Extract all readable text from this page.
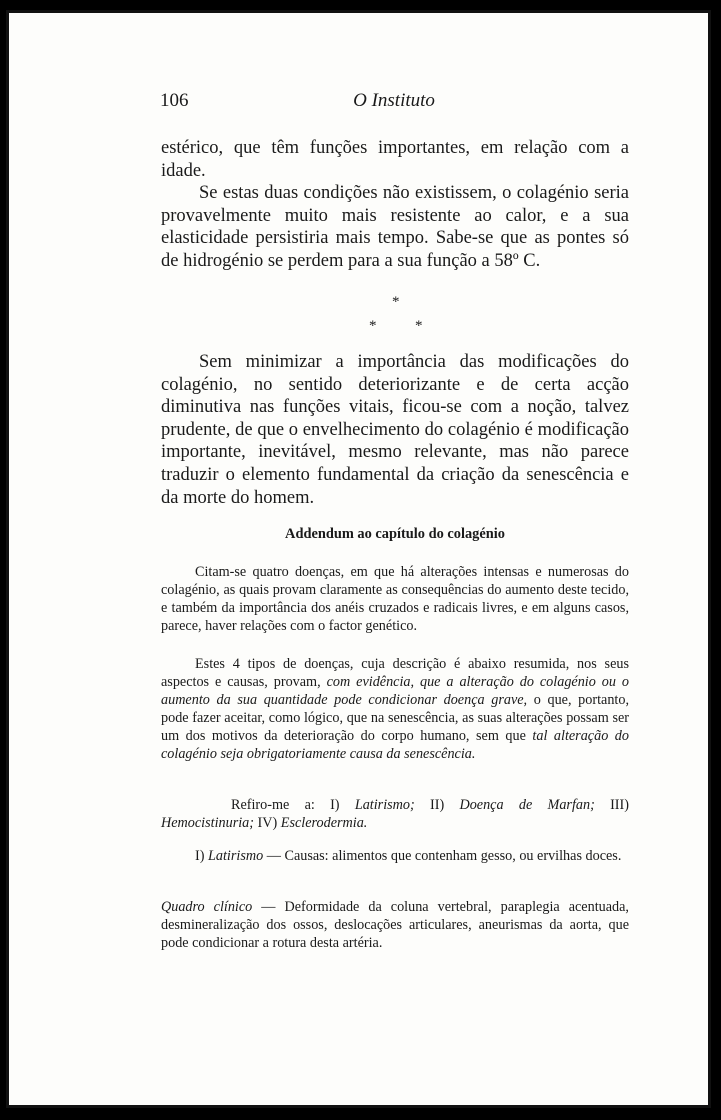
106	O Instituto

estérico, que têm funções importantes, em relação com a idade.

Se estas duas condições não existissem, o colagénio seria provavelmente muito mais resistente ao calor, e a sua elasticidade persistiria mais tempo. Sabe-se que as pontes só de hidrogénio se perdem para a sua função a 58º C.

*
*	*

Sem minimizar a importância das modificações do colagénio, no sentido deteriorizante e de certa acção diminutiva nas funções vitais, ficou-se com a noção, talvez prudente, de que o envelhecimento do colagénio é modificação importante, inevitável, mesmo relevante, mas não parece traduzir o elemento fundamental da criação da senescência e da morte do homem.

Addendum ao capítulo do colagénio

Citam-se quatro doenças, em que há alterações intensas e numerosas do colagénio, as quais provam claramente as consequências do aumento deste tecido, e também da importância dos anéis cruzados e radicais livres, e em alguns casos, parece, haver relações com o factor genético.

Estes 4 tipos de doenças, cuja descrição é abaixo resumida, nos seus aspectos e causas, provam, com evidência, que a alteração do colagénio ou o aumento da sua quantidade pode condicionar doença grave, o que, portanto, pode fazer aceitar, como lógico, que na senescência, as suas alterações possam ser um dos motivos da deterioração do corpo humano, sem que tal alteração do colagénio seja obrigatoriamente causa da senescência.

Refiro-me a: I) Latirismo; II) Doença de Marfan; III) Hemocistinuria; IV) Esclerodermia.

I) Latirismo — Causas: alimentos que contenham gesso, ou ervilhas doces.

Quadro clínico — Deformidade da coluna vertebral, paraplegia acentuada, desmineralização dos ossos, deslocações articulares, aneurismas da aorta, que pode condicionar a rotura desta artéria.
